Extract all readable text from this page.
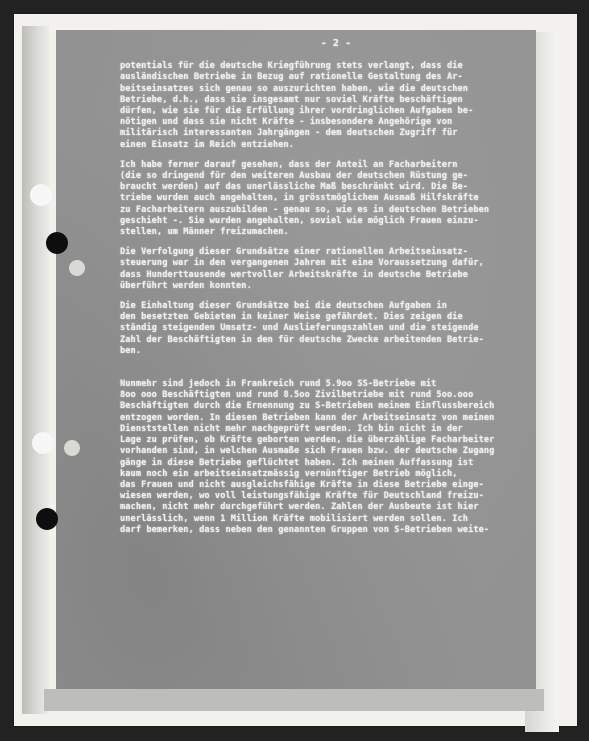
- 2 -
potentials für die deutsche Kriegführung stets verlangt, dass die
ausländischen Betriebe in Bezug auf rationelle Gestaltung des Ar-
beitseinsatzes sich genau so auszurichten haben, wie die deutschen
Betriebe, d.h., dass sie insgesamt nur soviel Kräfte beschäftigen
dürfen, wie sie für die Erfüllung ihrer vordringlichen Aufgaben be-
nötigen und dass sie nicht Kräfte - insbesondere Angehörige von
militärisch interessanten Jahrgängen - dem deutschen Zugriff für
einen Einsatz im Reich entziehen.
Ich habe ferner darauf gesehen, dass der Anteil an Facharbeitern
(die so dringend für den weiteren Ausbau der deutschen Rüstung ge-
braucht werden) auf das unerlässliche Maß beschränkt wird. Die Be-
triebe wurden auch angehalten, in grösstmöglichem Ausmaß Hilfskräfte
zu Facharbeitern auszubilden - genau so, wie es in deutschen Betrieben
geschieht -. Sie wurden angehalten, soviel wie möglich Frauen einzu-
stellen, um Männer freizumachen.
Die Verfolgung dieser Grundsätze einer rationellen Arbeitseinsatz-
steuerung war in den vergangenen Jahren mit eine Voraussetzung dafür,
dass Hunderttausende wertvoller Arbeitskräfte in deutsche Betriebe
überführt werden konnten.
Die Einhaltung dieser Grundsätze bei die deutschen Aufgaben in
den besetzten Gebieten in keiner Weise gefährdet. Dies zeigen die
ständig steigenden Umsatz- und Auslieferungszahlen und die steigende
Zahl der Beschäftigten in den für deutsche Zwecke arbeitenden Betrie-
ben.
Nunmehr sind jedoch in Frankreich rund 5.9oo SS-Betriebe mit
8oo ooo Beschäftigten und rund 8.5oo Zivilbetriebe mit rund 5oo.ooo
Beschäftigten durch die Ernennung zu S-Betrieben meinem Einflussbereich
entzogen worden. In diesen Betrieben kann der Arbeitseinsatz von meinen
Dienststellen nicht mehr nachgeprüft werden. Ich bin nicht in der
Lage zu prüfen, ob Kräfte geborten werden, die überzählige Facharbeiter
vorhanden sind, in welchen Ausmaße sich Frauen bzw. der deutsche Zugang
gänge in diese Betriebe geflüchtet haben. Ich meinen Auffassung ist
kaum noch ein arbeitseinsatzmässig vernünftiger Betrieb möglich,
das Frauen und nicht ausgleichsfähige Kräfte in diese Betriebe einge-
wiesen werden, wo voll leistungsfähige Kräfte für Deutschland freizu-
machen, nicht mehr durchgeführt werden. Zahlen der Ausbeute ist hier
unerlässlich, wenn 1 Million Kräfte mobilisiert werden sollen. Ich
darf bemerken, dass neben den genannten Gruppen von S-Betrieben weite-
